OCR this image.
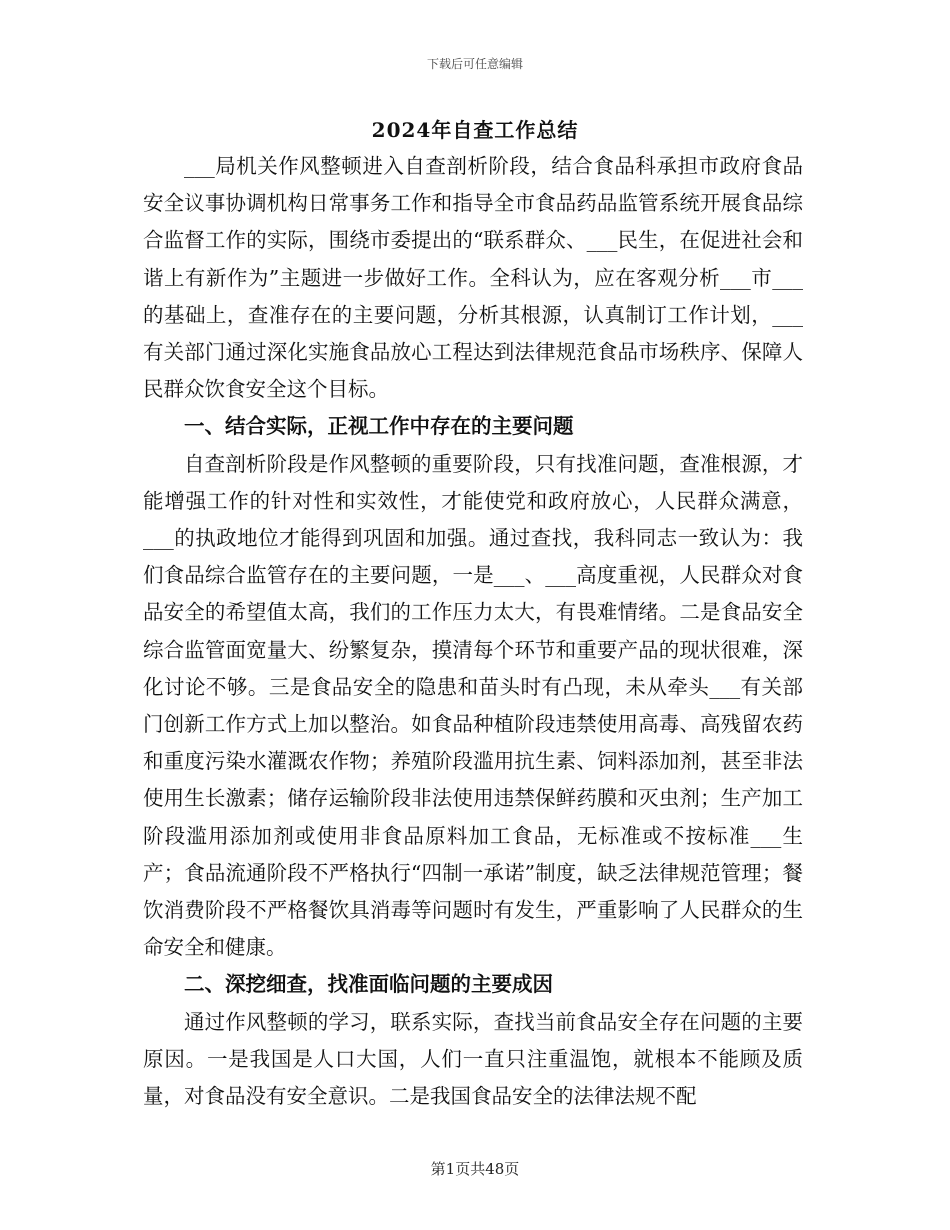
下载后可任意编辑
2024年自查工作总结

___局机关作风整顿进入自查剖析阶段，结合食品科承担市政府食品安全议事协调机构日常事务工作和指导全市食品药品监管系统开展食品综合监督工作的实际，围绕市委提出的“联系群众、___民生，在促进社会和谐上有新作为”主题进一步做好工作。全科认为，应在客观分析___市___的基础上，查准存在的主要问题，分析其根源，认真制订工作计划，___有关部门通过深化实施食品放心工程达到法律规范食品市场秩序、保障人民群众饮食安全这个目标。

一、结合实际，正视工作中存在的主要问题

自查剖析阶段是作风整顿的重要阶段，只有找准问题，查准根源，才能增强工作的针对性和实效性，才能使党和政府放心，人民群众满意，___的执政地位才能得到巩固和加强。通过查找，我科同志一致认为：我们食品综合监管存在的主要问题，一是___、___高度重视，人民群众对食品安全的希望值太高，我们的工作压力太大，有畏难情绪。二是食品安全综合监管面宽量大、纷繁复杂，摸清每个环节和重要产品的现状很难，深化讨论不够。三是食品安全的隐患和苗头时有凸现，未从牵头___有关部门创新工作方式上加以整治。如食品种植阶段违禁使用高毒、高残留农药和重度污染水灌溉农作物；养殖阶段滥用抗生素、饲料添加剂，甚至非法使用生长激素；储存运输阶段非法使用违禁保鲜药膜和灭虫剂；生产加工阶段滥用添加剂或使用非食品原料加工食品，无标准或不按标准___生产；食品流通阶段不严格执行“四制一承诺”制度，缺乏法律规范管理；餐饮消费阶段不严格餐饮具消毒等问题时有发生，严重影响了人民群众的生命安全和健康。

二、深挖细查，找准面临问题的主要成因

通过作风整顿的学习，联系实际，查找当前食品安全存在问题的主要原因。一是我国是人口大国，人们一直只注重温饱，就根本不能顾及质量，对食品没有安全意识。二是我国食品安全的法律法规不配

第1页共48页
